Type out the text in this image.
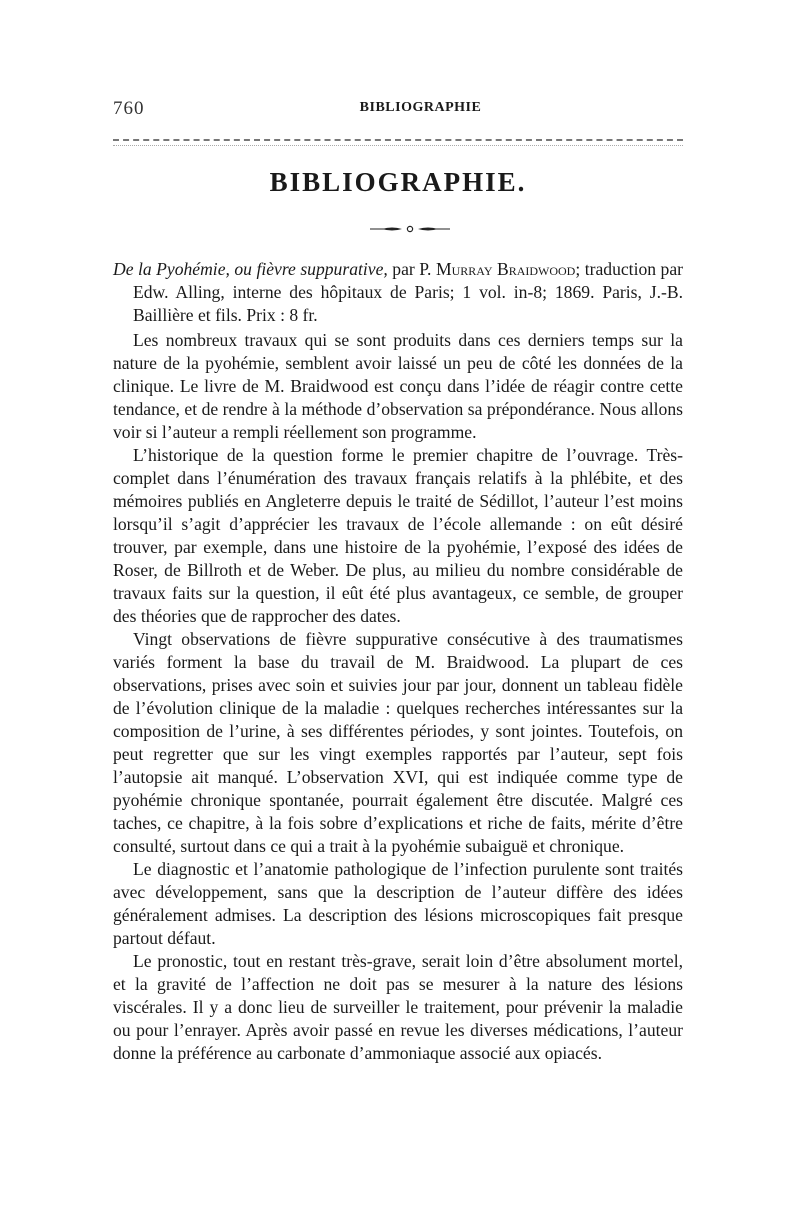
760	BIBLIOGRAPHIE
BIBLIOGRAPHIE.

De la Pyohémie, ou fièvre suppurative, par P. Murray Braidwood; traduction par Edw. Alling, interne des hôpitaux de Paris; 1 vol. in-8; 1869. Paris, J.-B. Baillière et fils. Prix : 8 fr.

Les nombreux travaux qui se sont produits dans ces derniers temps sur la nature de la pyohémie, semblent avoir laissé un peu de côté les données de la clinique. Le livre de M. Braidwood est conçu dans l’idée de réagir contre cette tendance, et de rendre à la méthode d’observation sa prépondérance. Nous allons voir si l’auteur a rempli réellement son programme.

L’historique de la question forme le premier chapitre de l’ouvrage. Très-complet dans l’énumération des travaux français relatifs à la phlébite, et des mémoires publiés en Angleterre depuis le traité de Sédillot, l’auteur l’est moins lorsqu’il s’agit d’apprécier les travaux de l’école allemande : on eût désiré trouver, par exemple, dans une histoire de la pyohémie, l’exposé des idées de Roser, de Billroth et de Weber. De plus, au milieu du nombre considérable de travaux faits sur la question, il eût été plus avantageux, ce semble, de grouper des théories que de rapprocher des dates.

Vingt observations de fièvre suppurative consécutive à des traumatismes variés forment la base du travail de M. Braidwood. La plupart de ces observations, prises avec soin et suivies jour par jour, donnent un tableau fidèle de l’évolution clinique de la maladie : quelques recherches intéressantes sur la composition de l’urine, à ses différentes périodes, y sont jointes. Toutefois, on peut regretter que sur les vingt exemples rapportés par l’auteur, sept fois l’autopsie ait manqué. L’observation XVI, qui est indiquée comme type de pyohémie chronique spontanée, pourrait également être discutée. Malgré ces taches, ce chapitre, à la fois sobre d’explications et riche de faits, mérite d’être consulté, surtout dans ce qui a trait à la pyohémie subaiguë et chronique.

Le diagnostic et l’anatomie pathologique de l’infection purulente sont traités avec développement, sans que la description de l’auteur diffère des idées généralement admises. La description des lésions microscopiques fait presque partout défaut.

Le pronostic, tout en restant très-grave, serait loin d’être absolument mortel, et la gravité de l’affection ne doit pas se mesurer à la nature des lésions viscérales. Il y a donc lieu de surveiller le traitement, pour prévenir la maladie ou pour l’enrayer. Après avoir passé en revue les diverses médications, l’auteur donne la préférence au carbonate d’ammoniaque associé aux opiacés.
